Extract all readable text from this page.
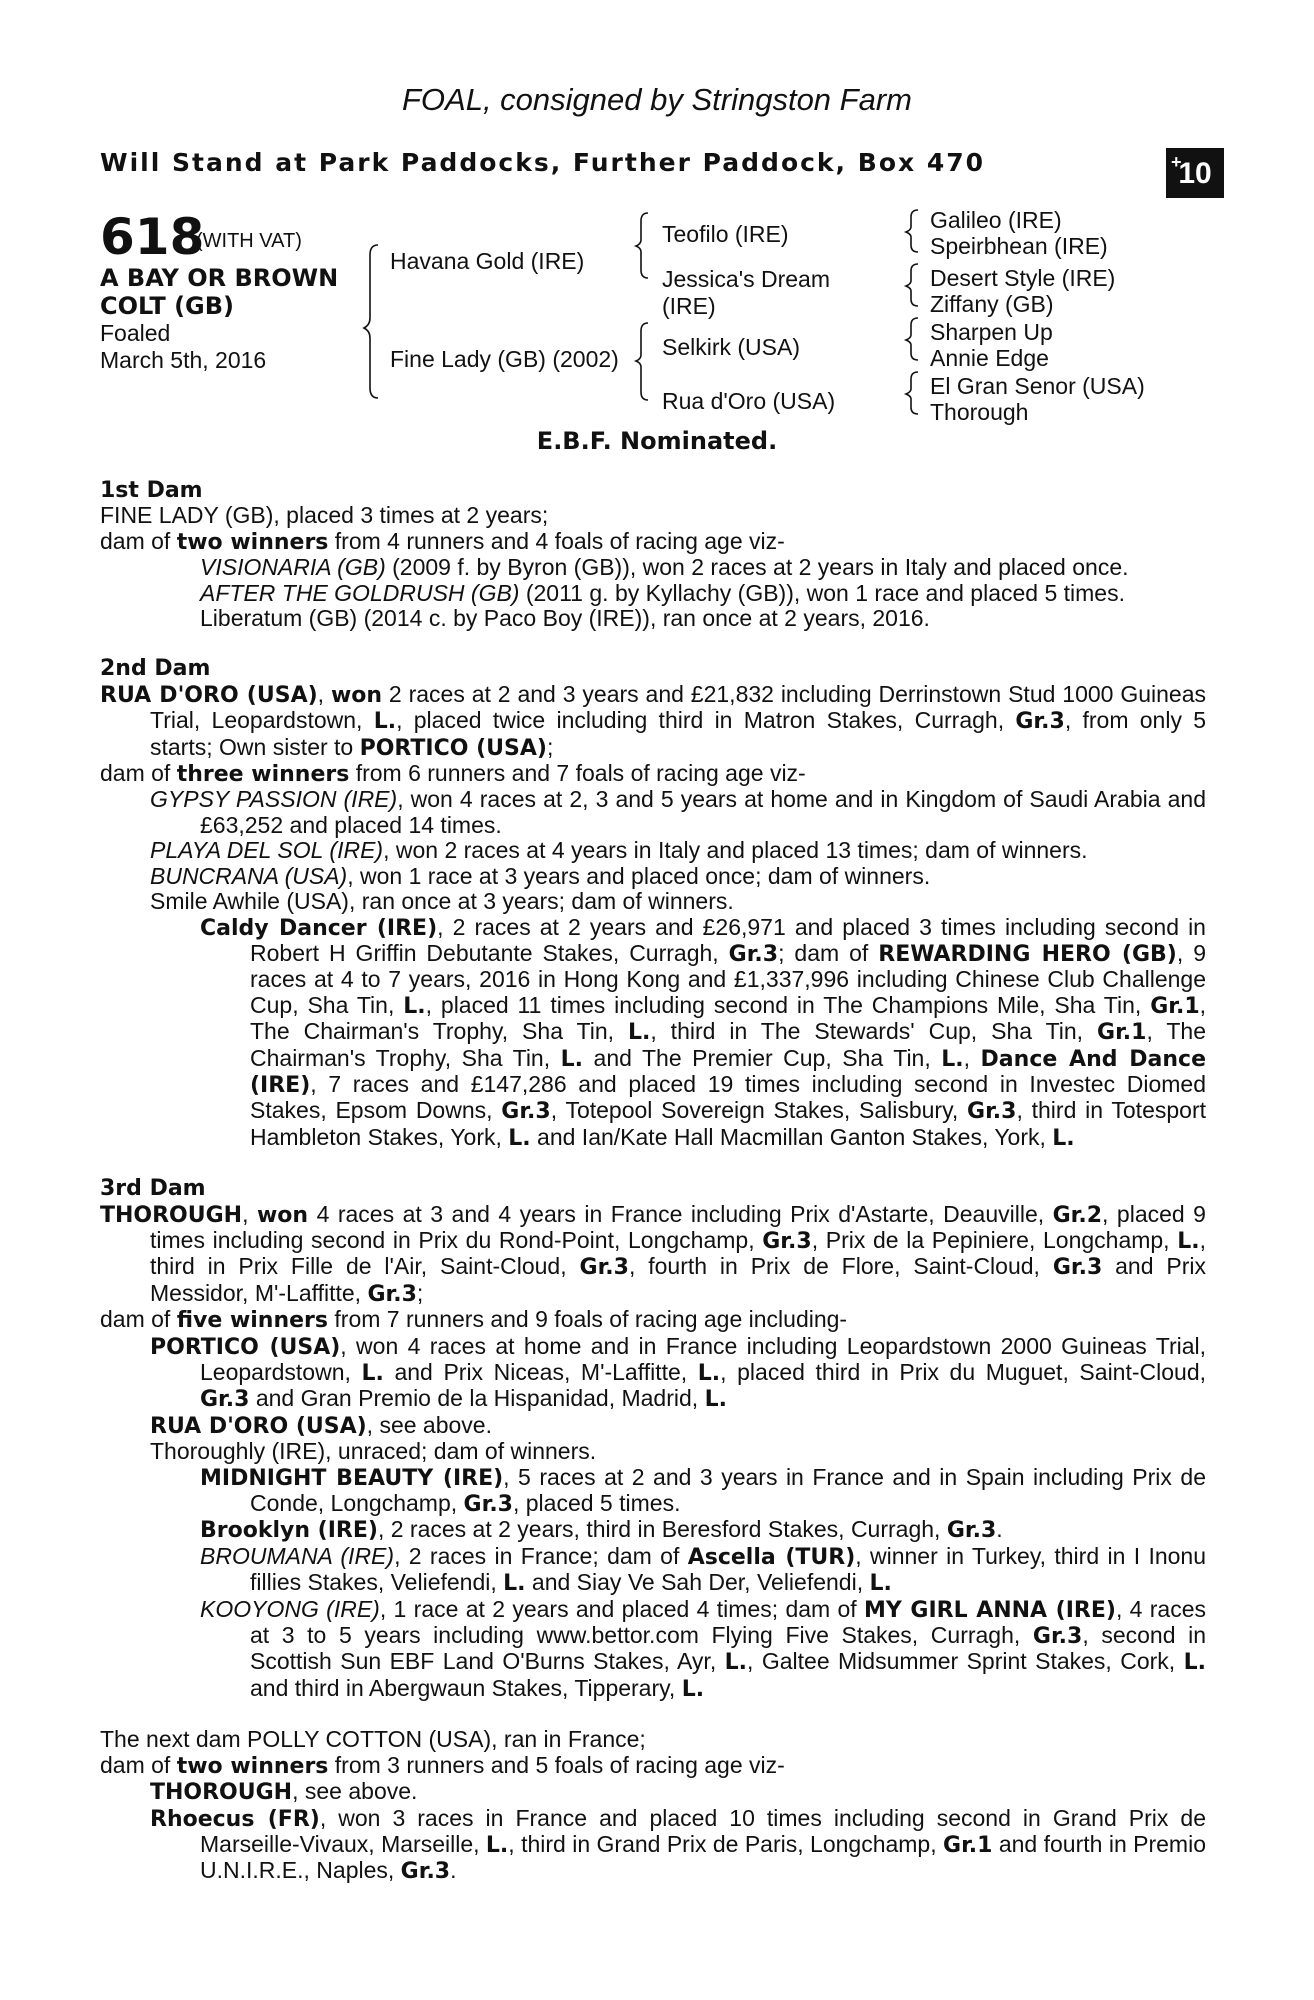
FOAL, consigned by Stringston Farm
Will Stand at Park Paddocks, Further Paddock, Box 470	+
10
618
(WITH VAT)
A BAY OR BROWN COLT (GB)
Foaled
March 5th, 2016
Havana Gold (IRE)
Fine Lady (GB) (2002)
Teofilo (IRE)
Jessica's Dream (IRE)
Selkirk (USA)
Rua d'Oro (USA)
Galileo (IRE)
Speirbhean (IRE)
Desert Style (IRE)
Ziffany (GB)
Sharpen Up
Annie Edge
El Gran Senor (USA)
Thorough
E.B.F. Nominated.
1st Dam
FINE LADY (GB), placed 3 times at 2 years;
dam of two winners from 4 runners and 4 foals of racing age viz-
VISIONARIA (GB) (2009 f. by Byron (GB)), won 2 races at 2 years in Italy and placed once.
AFTER THE GOLDRUSH (GB) (2011 g. by Kyllachy (GB)), won 1 race and placed 5 times.
Liberatum (GB) (2014 c. by Paco Boy (IRE)), ran once at 2 years, 2016.
2nd Dam
RUA D'ORO (USA), won 2 races at 2 and 3 years and £21,832 including Derrinstown Stud 1000 Guineas Trial, Leopardstown, L., placed twice including third in Matron Stakes, Curragh, Gr.3, from only 5 starts; Own sister to PORTICO (USA);
dam of three winners from 6 runners and 7 foals of racing age viz-
GYPSY PASSION (IRE), won 4 races at 2, 3 and 5 years at home and in Kingdom of Saudi Arabia and £63,252 and placed 14 times.
PLAYA DEL SOL (IRE), won 2 races at 4 years in Italy and placed 13 times; dam of winners.
BUNCRANA (USA), won 1 race at 3 years and placed once; dam of winners.
Smile Awhile (USA), ran once at 3 years; dam of winners.
Caldy Dancer (IRE), 2 races at 2 years and £26,971 and placed 3 times including second in Robert H Griffin Debutante Stakes, Curragh, Gr.3; dam of REWARDING HERO (GB), 9 races at 4 to 7 years, 2016 in Hong Kong and £1,337,996 including Chinese Club Challenge Cup, Sha Tin, L., placed 11 times including second in The Champions Mile, Sha Tin, Gr.1, The Chairman's Trophy, Sha Tin, L., third in The Stewards' Cup, Sha Tin, Gr.1, The Chairman's Trophy, Sha Tin, L. and The Premier Cup, Sha Tin, L., Dance And Dance (IRE), 7 races and £147,286 and placed 19 times including second in Investec Diomed Stakes, Epsom Downs, Gr.3, Totepool Sovereign Stakes, Salisbury, Gr.3, third in Totesport Hambleton Stakes, York, L. and Ian/Kate Hall Macmillan Ganton Stakes, York, L.
3rd Dam
THOROUGH, won 4 races at 3 and 4 years in France including Prix d'Astarte, Deauville, Gr.2, placed 9 times including second in Prix du Rond-Point, Longchamp, Gr.3, Prix de la Pepiniere, Longchamp, L., third in Prix Fille de l'Air, Saint-Cloud, Gr.3, fourth in Prix de Flore, Saint-Cloud, Gr.3 and Prix Messidor, M'-Laffitte, Gr.3;
dam of five winners from 7 runners and 9 foals of racing age including-
PORTICO (USA), won 4 races at home and in France including Leopardstown 2000 Guineas Trial, Leopardstown, L. and Prix Niceas, M'-Laffitte, L., placed third in Prix du Muguet, Saint-Cloud, Gr.3 and Gran Premio de la Hispanidad, Madrid, L.
RUA D'ORO (USA), see above.
Thoroughly (IRE), unraced; dam of winners.
MIDNIGHT BEAUTY (IRE), 5 races at 2 and 3 years in France and in Spain including Prix de Conde, Longchamp, Gr.3, placed 5 times.
Brooklyn (IRE), 2 races at 2 years, third in Beresford Stakes, Curragh, Gr.3.
BROUMANA (IRE), 2 races in France; dam of Ascella (TUR), winner in Turkey, third in I Inonu fillies Stakes, Veliefendi, L. and Siay Ve Sah Der, Veliefendi, L.
KOOYONG (IRE), 1 race at 2 years and placed 4 times; dam of MY GIRL ANNA (IRE), 4 races at 3 to 5 years including www.bettor.com Flying Five Stakes, Curragh, Gr.3, second in Scottish Sun EBF Land O'Burns Stakes, Ayr, L., Galtee Midsummer Sprint Stakes, Cork, L. and third in Abergwaun Stakes, Tipperary, L.
The next dam POLLY COTTON (USA), ran in France;
dam of two winners from 3 runners and 5 foals of racing age viz-
THOROUGH, see above.
Rhoecus (FR), won 3 races in France and placed 10 times including second in Grand Prix de Marseille-Vivaux, Marseille, L., third in Grand Prix de Paris, Longchamp, Gr.1 and fourth in Premio U.N.I.R.E., Naples, Gr.3.
